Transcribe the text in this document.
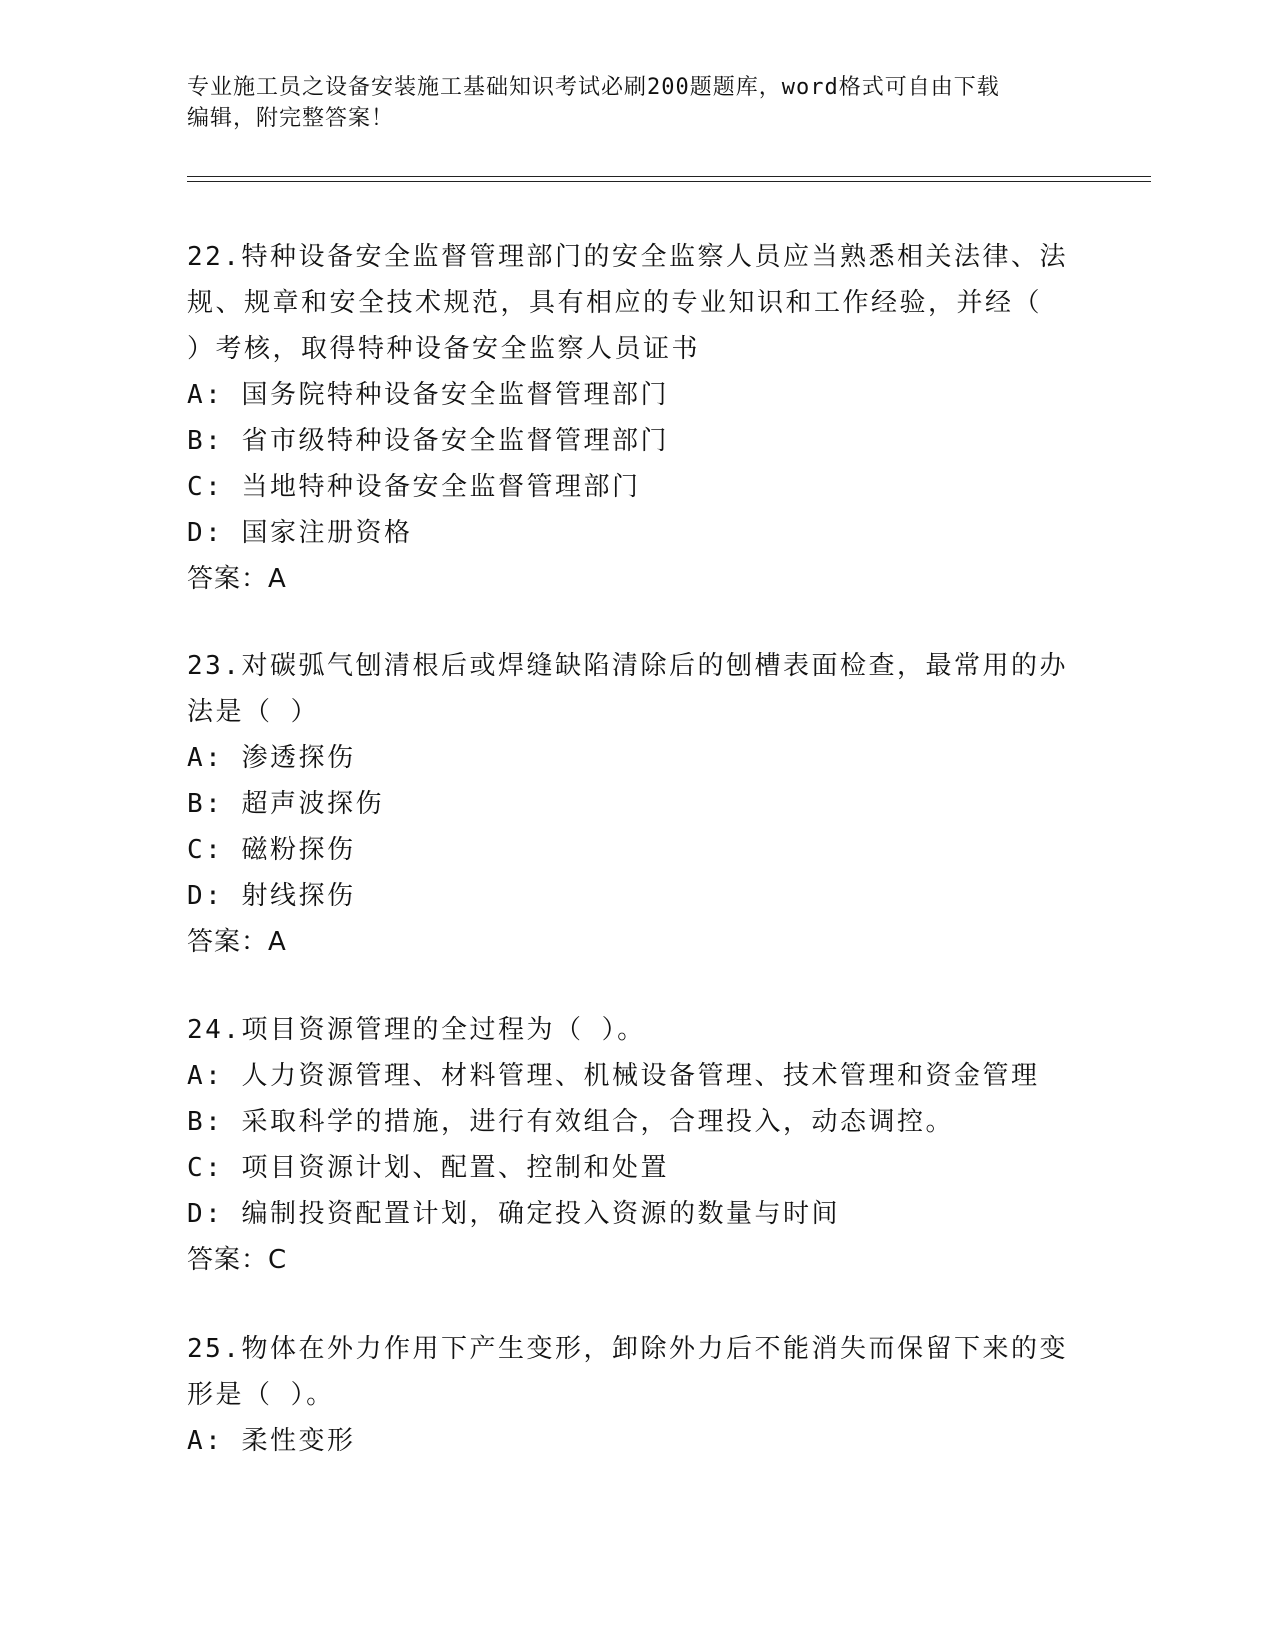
专业施工员之设备安装施工基础知识考试必刷200题题库，word格式可自由下载
编辑，附完整答案！

22.特种设备安全监督管理部门的安全监察人员应当熟悉相关法律、法

规、规章和安全技术规范，具有相应的专业知识和工作经验，并经（

）考核，取得特种设备安全监察人员证书

A: 国务院特种设备安全监督管理部门

B: 省市级特种设备安全监督管理部门

C: 当地特种设备安全监督管理部门

D: 国家注册资格

答案：A

23.对碳弧气刨清根后或焊缝缺陷清除后的刨槽表面检查，最常用的办

法是（ ）

A: 渗透探伤

B: 超声波探伤

C: 磁粉探伤

D: 射线探伤

答案：A

24.项目资源管理的全过程为（ ）。

A: 人力资源管理、材料管理、机械设备管理、技术管理和资金管理

B: 采取科学的措施，进行有效组合，合理投入，动态调控。

C: 项目资源计划、配置、控制和处置

D: 编制投资配置计划，确定投入资源的数量与时间

答案：C

25.物体在外力作用下产生变形，卸除外力后不能消失而保留下来的变

形是（ ）。

A: 柔性变形
